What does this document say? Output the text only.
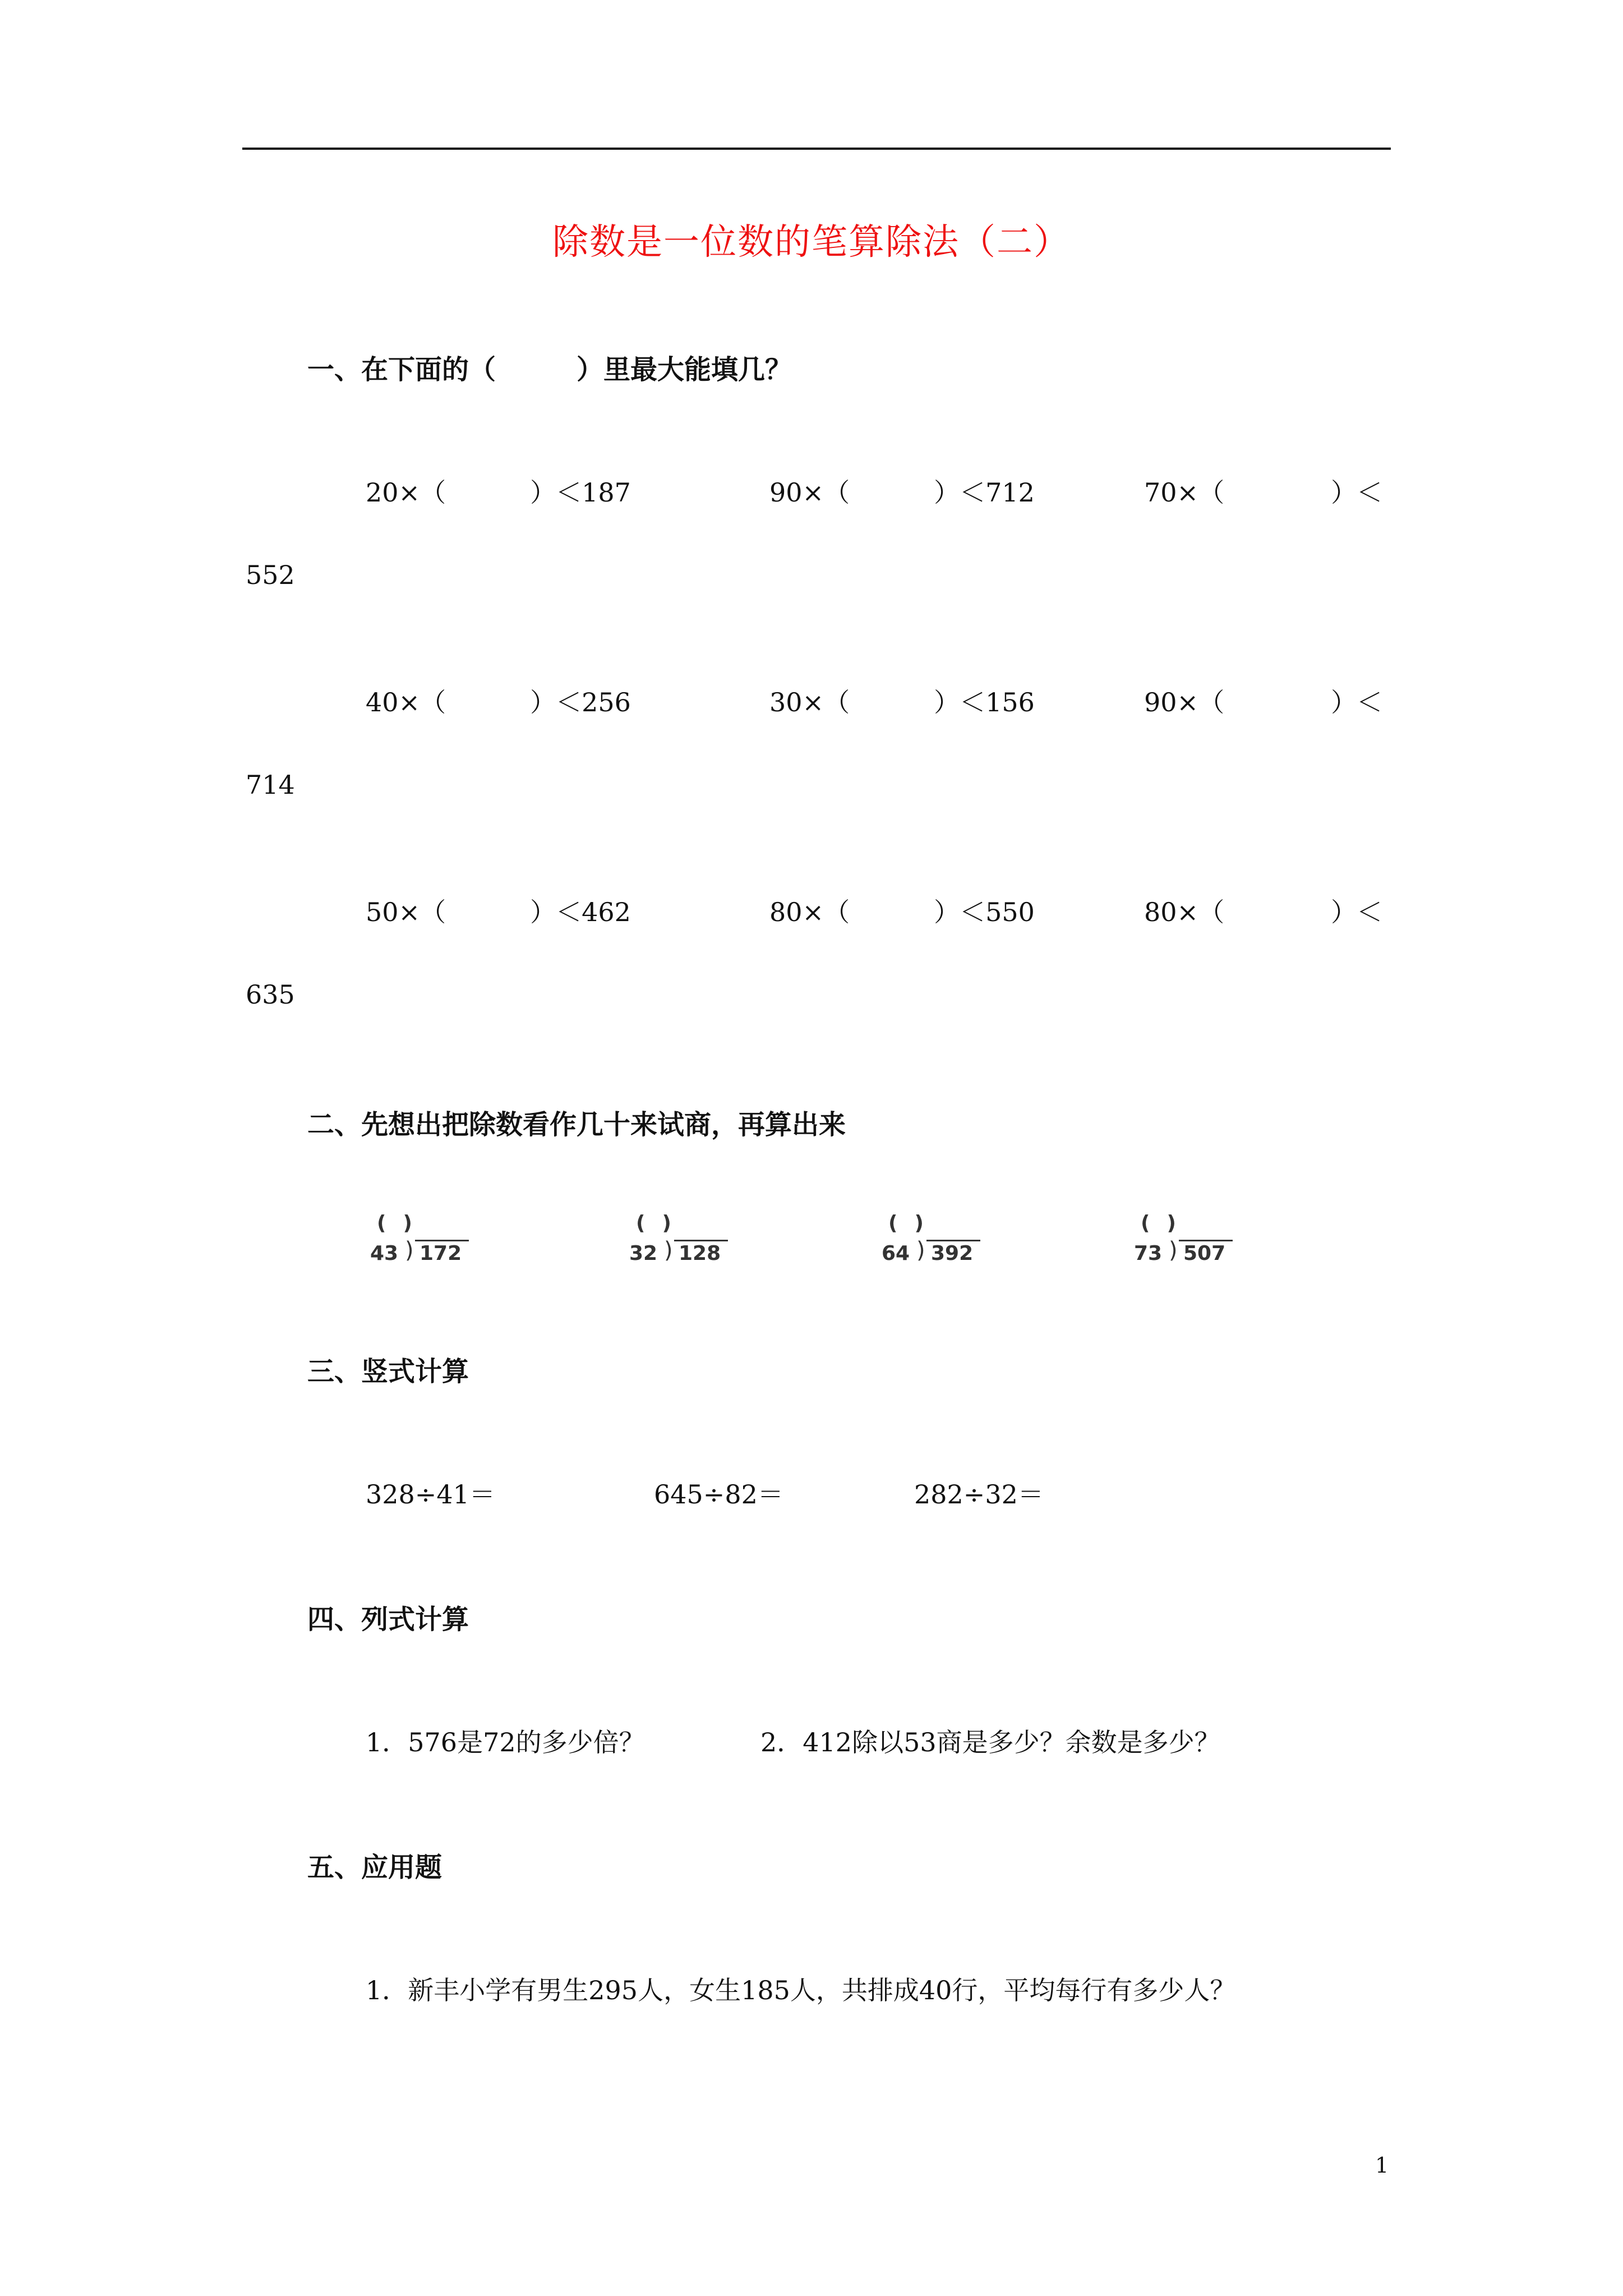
除数是一位数的笔算除法（二）
一、在下面的（　　　）里最大能填几？
20×（	）＜187	90×（	）＜712	70×（	）＜
552
40×（	）＜256	30×（	）＜156	90×（	）＜
714
50×（	）＜462	80×（	）＜550	80×（	）＜
635
二、先想出把除数看作几十来试商，再算出来
( )
43 ) 172
( )
32 ) 128
( )
64 ) 392
( )
73 ) 507
三、竖式计算
328÷41＝	645÷82＝	282÷32＝
四、列式计算
1．576是72的多少倍？	2．412除以53商是多少？余数是多少？
五、应用题
1．新丰小学有男生295人，女生185人，共排成40行，平均每行有多少人？
1
